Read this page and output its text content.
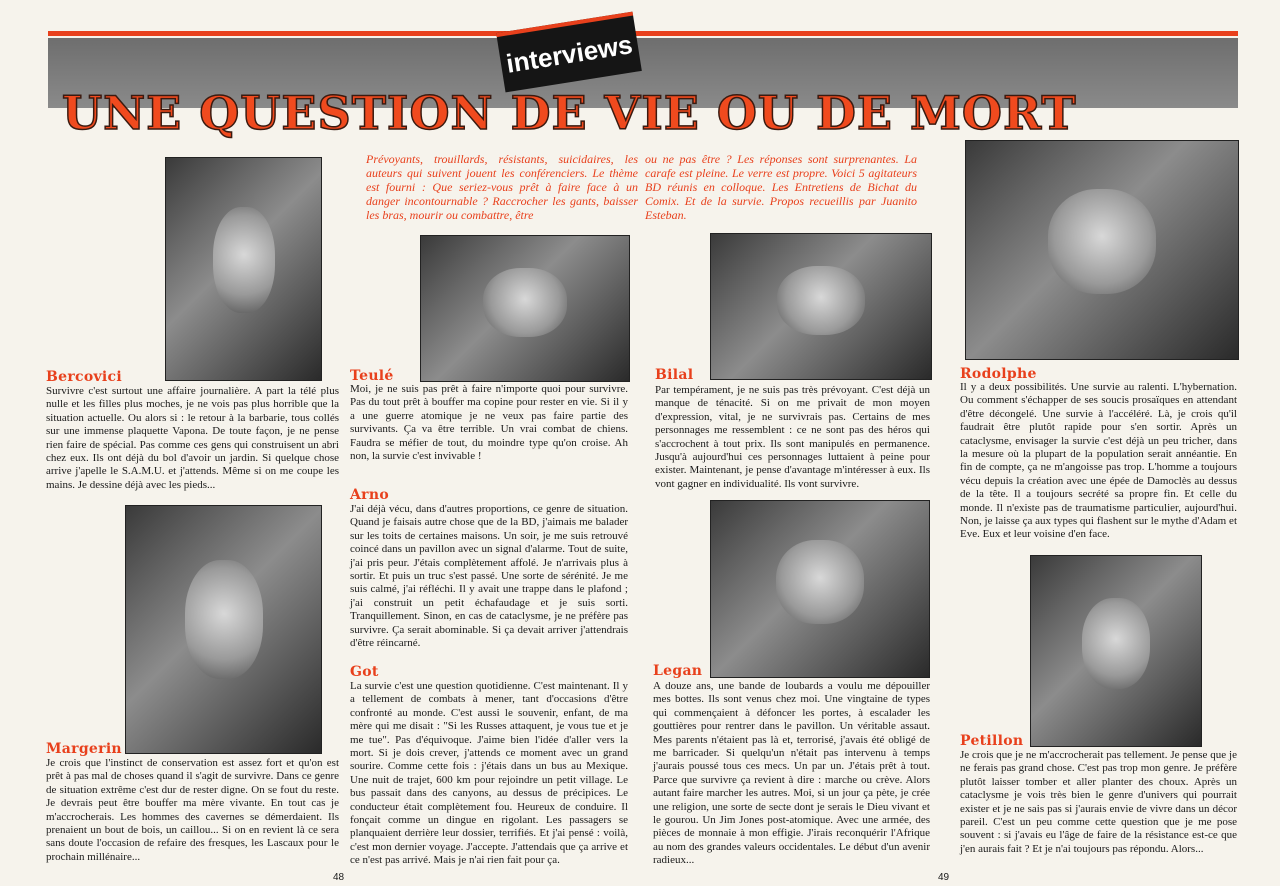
interviews
UNE QUESTION DE VIE OU DE MORT
Prévoyants, trouillards, résistants, suicidaires, les auteurs qui suivent jouent les conférenciers. Le thème est fourni : Que seriez-vous prêt à faire face à un danger incontournable ? Raccrocher les gants, baisser les bras, mourir ou combattre, être
ou ne pas être ? Les réponses sont surprenantes. La carafe est pleine. Le verre est propre. Voici 5 agitateurs BD réunis en colloque. Les Entretiens de Bichat du Comix. Et de la survie. Propos recueillis par Juanito Esteban.
Bercovici
Survivre c'est surtout une affaire journalière. A part la télé plus nulle et les filles plus moches, je ne vois pas plus horrible que la situation actuelle. Ou alors si : le retour à la barbarie, tous collés sur une immense plaquette Vapona. De toute façon, je ne pense rien faire de spécial. Pas comme ces gens qui construisent un abri chez eux. Ils ont déjà du bol d'avoir un jardin. Si quelque chose arrive j'apelle le S.A.M.U. et j'attends. Même si on me coupe les mains. Je dessine déjà avec les pieds...
Margerin
Je crois que l'instinct de conservation est assez fort et qu'on est prêt à pas mal de choses quand il s'agit de survivre. Dans ce genre de situation extrême c'est dur de rester digne. On se fout du reste. Je devrais peut être bouffer ma mère vivante. En tout cas je m'accrocherais. Les hommes des cavernes se démerdaient. Ils prenaient un bout de bois, un caillou... Si on en revient là ce sera sans doute l'occasion de refaire des fresques, les Lascaux pour le prochain millénaire...
Teulé
Moi, je ne suis pas prêt à faire n'importe quoi pour survivre. Pas du tout prêt à bouffer ma copine pour rester en vie. Si il y a une guerre atomique je ne veux pas faire partie des survivants. Ça va être terrible. Un vrai combat de chiens. Faudra se méfier de tout, du moindre type qu'on croise. Ah non, la survie c'est invivable !
Arno
J'ai déjà vécu, dans d'autres proportions, ce genre de situation. Quand je faisais autre chose que de la BD, j'aimais me balader sur les toits de certaines maisons. Un soir, je me suis retrouvé coincé dans un pavillon avec un signal d'alarme. Tout de suite, j'ai pris peur. J'étais complètement affolé. Je n'arrivais plus à sortir. Et puis un truc s'est passé. Une sorte de sérénité. Je me suis calmé, j'ai réfléchi. Il y avait une trappe dans le plafond ; j'ai construit un petit échafaudage et je suis sorti. Tranquillement. Sinon, en cas de cataclysme, je ne préfère pas survivre. Ça serait abominable. Si ça devait arriver j'attendrais d'être réincarné.
Got
La survie c'est une question quotidienne. C'est maintenant. Il y a tellement de combats à mener, tant d'occasions d'être confronté au monde. C'est aussi le souvenir, enfant, de ma mère qui me disait : "Si les Russes attaquent, je vous tue et je me tue". Pas d'équivoque. J'aime bien l'idée d'aller vers la mort. Si je dois crever, j'attends ce moment avec un grand sourire. Comme cette fois : j'étais dans un bus au Mexique. Une nuit de trajet, 600 km pour rejoindre un petit village. Le bus passait dans des canyons, au dessus de précipices. Le conducteur était complètement fou. Heureux de conduire. Il fonçait comme un dingue en rigolant. Les passagers se planquaient derrière leur dossier, terrifiés. Et j'ai pensé : voilà, c'est mon dernier voyage. J'accepte. J'attendais que ça arrive et ce n'est pas arrivé. Mais je n'ai rien fait pour ça.
Bilal
Par tempérament, je ne suis pas très prévoyant. C'est déjà un manque de ténacité. Si on me privait de mon moyen d'expression, vital, je ne survivrais pas. Certains de mes personnages me ressemblent : ce ne sont pas des héros qui s'accrochent à tout prix. Ils sont manipulés en permanence. Jusqu'à aujourd'hui ces personnages luttaient à peine pour exister. Maintenant, je pense d'avantage m'intéresser à eux. Ils vont gagner en individualité. Ils vont survivre.
Legan
A douze ans, une bande de loubards a voulu me dépouiller mes bottes. Ils sont venus chez moi. Une vingtaine de types qui commençaient à défoncer les portes, à escalader les gouttières pour rentrer dans le pavillon. Un véritable assaut. Mes parents n'étaient pas là et, terrorisé, j'avais été obligé de me barricader. Si quelqu'un n'était pas intervenu à temps j'aurais poussé tous ces mecs. Un par un. J'étais prêt à tout. Parce que survivre ça revient à dire : marche ou crève. Alors autant faire marcher les autres. Moi, si un jour ça pète, je crée une religion, une sorte de secte dont je serais le Dieu vivant et le gourou. Un Jim Jones post-atomique. Avec une armée, des pièces de monnaie à mon effigie. J'irais reconquérir l'Afrique au nom des grandes valeurs occidentales. Le début d'un avenir radieux...
Rodolphe
Il y a deux possibilités. Une survie au ralenti. L'hybernation. Ou comment s'échapper de ses soucis prosaïques en attendant d'être décongelé. Une survie à l'accéléré. Là, je crois qu'il faudrait être plutôt rapide pour s'en sortir. Après un cataclysme, envisager la survie c'est déjà un peu tricher, dans la mesure où la plupart de la population serait annéantie. En fin de compte, ça ne m'angoisse pas trop. L'homme a toujours vécu depuis la création avec une épée de Damoclès au dessus de la tête. Il a toujours secrété sa propre fin. Et celle du monde. Il n'existe pas de traumatisme particulier, aujourd'hui. Non, je laisse ça aux types qui flashent sur le mythe d'Adam et Eve. Eux et leur voisine d'en face.
Petillon
Je crois que je ne m'accrocherait pas tellement. Je pense que je ne ferais pas grand chose. C'est pas trop mon genre. Je préfère plutôt laisser tomber et aller planter des choux. Après un cataclysme je vois très bien le genre d'univers qui pourrait exister et je ne sais pas si j'aurais envie de vivre dans un décor pareil. C'est un peu comme cette question que je me pose souvent : si j'avais eu l'âge de faire de la résistance est-ce que j'en aurais fait ? Et je n'ai toujours pas répondu. Alors...
48	49
